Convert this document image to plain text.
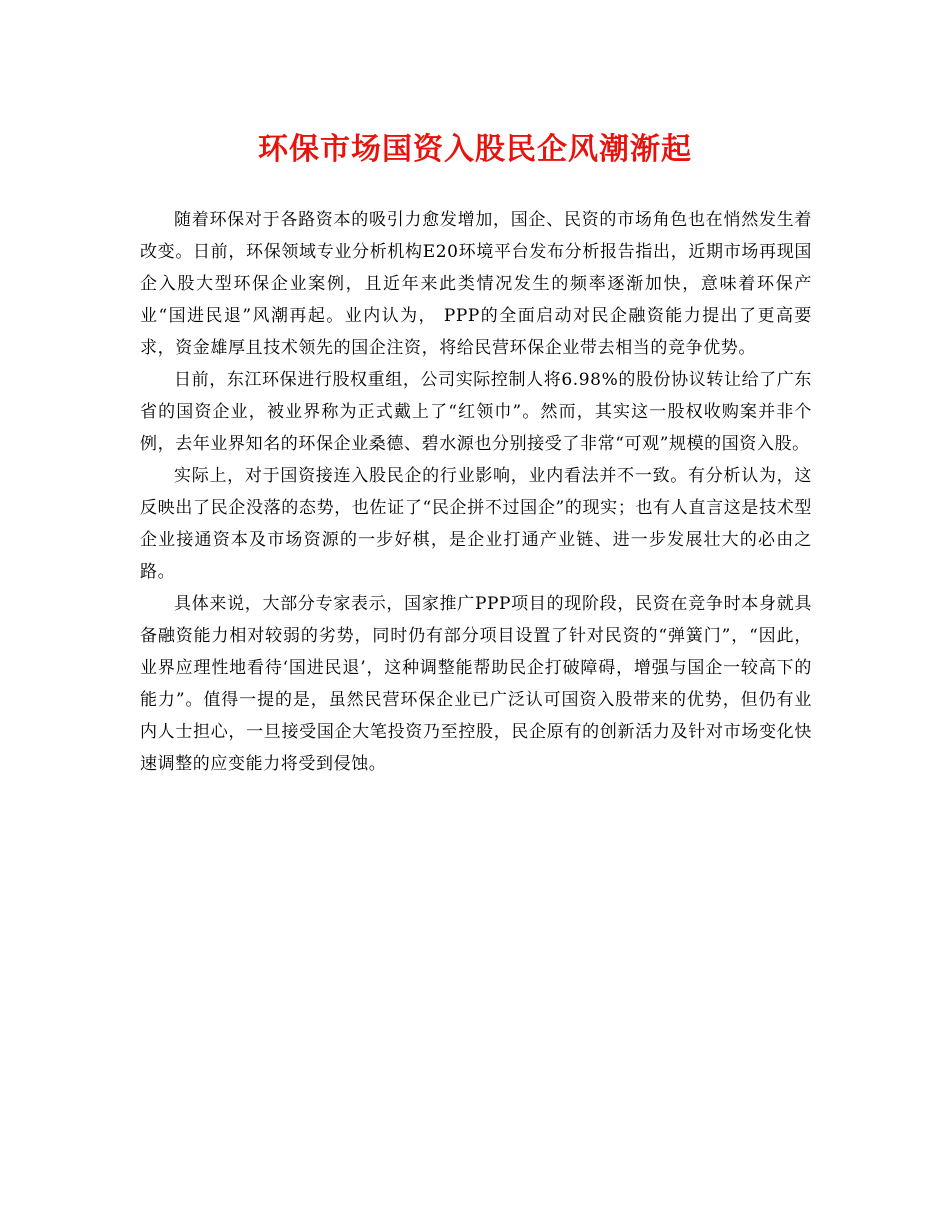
环保市场国资入股民企风潮渐起

随着环保对于各路资本的吸引力愈发增加，国企、民资的市场角色也在悄然发生着改变。日前，环保领域专业分析机构E20环境平台发布分析报告指出，近期市场再现国企入股大型环保企业案例，且近年来此类情况发生的频率逐渐加快，意味着环保产业“国进民退”风潮再起。业内认为， PPP的全面启动对民企融资能力提出了更高要求，资金雄厚且技术领先的国企注资，将给民营环保企业带去相当的竞争优势。

日前，东江环保进行股权重组，公司实际控制人将6.98%的股份协议转让给了广东省的国资企业，被业界称为正式戴上了“红领巾”。然而，其实这一股权收购案并非个例，去年业界知名的环保企业桑德、碧水源也分别接受了非常“可观”规模的国资入股。

实际上，对于国资接连入股民企的行业影响，业内看法并不一致。有分析认为，这反映出了民企没落的态势，也佐证了“民企拼不过国企”的现实；也有人直言这是技术型企业接通资本及市场资源的一步好棋，是企业打通产业链、进一步发展壮大的必由之路。

具体来说，大部分专家表示，国家推广PPP项目的现阶段，民资在竞争时本身就具备融资能力相对较弱的劣势，同时仍有部分项目设置了针对民资的“弹簧门”，“因此，业界应理性地看待‘国进民退’，这种调整能帮助民企打破障碍，增强与国企一较高下的能力”。值得一提的是，虽然民营环保企业已广泛认可国资入股带来的优势，但仍有业内人士担心，一旦接受国企大笔投资乃至控股，民企原有的创新活力及针对市场变化快速调整的应变能力将受到侵蚀。
